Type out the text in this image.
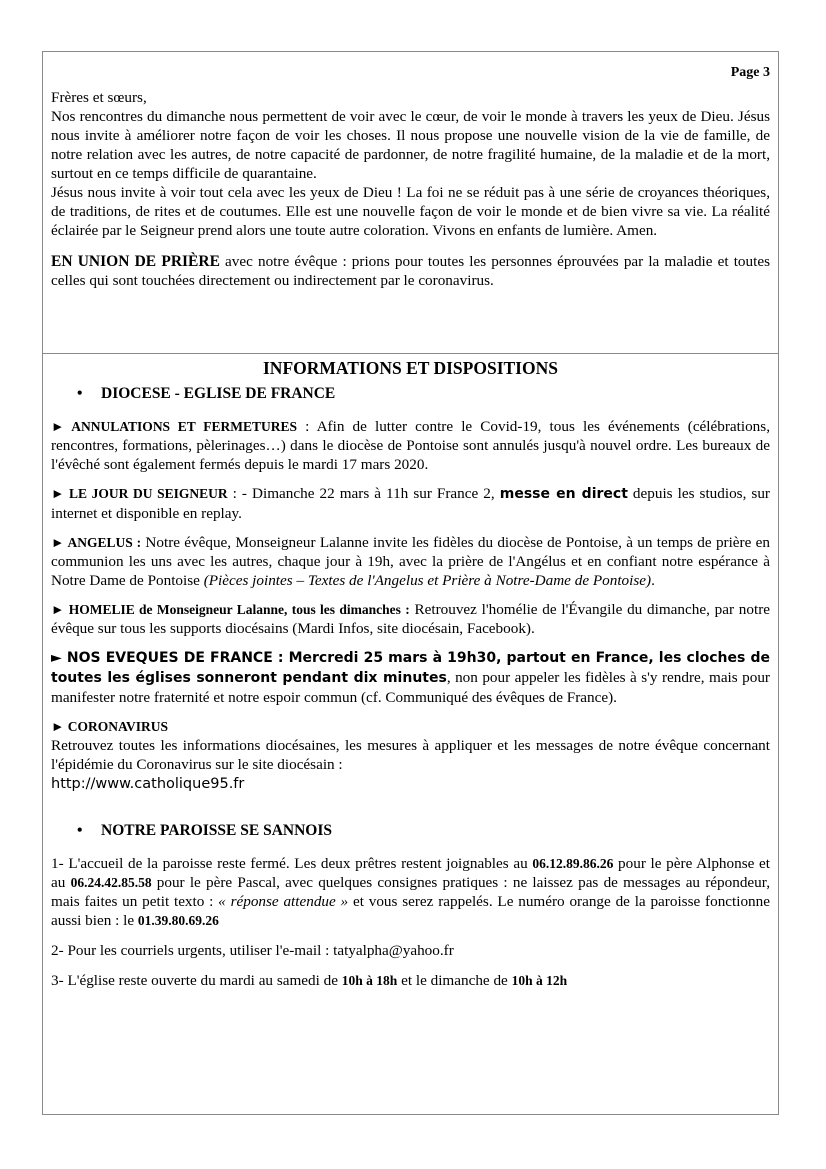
Page 3

Frères et sœurs,

Nos rencontres du dimanche nous permettent de voir avec le cœur, de voir le monde à travers les yeux de Dieu. Jésus nous invite à améliorer notre façon de voir les choses. Il nous propose une nouvelle vision de la vie de famille, de notre relation avec les autres, de notre capacité de pardonner, de notre fragilité humaine, de la maladie et de la mort, surtout en ce temps difficile de quarantaine.

Jésus nous invite à voir tout cela avec les yeux de Dieu ! La foi ne se réduit pas à une série de croyances théoriques, de traditions, de rites et de coutumes. Elle est une nouvelle façon de voir le monde et de bien vivre sa vie. La réalité éclairée par le Seigneur prend alors une toute autre coloration. Vivons en enfants de lumière. Amen.

EN UNION DE PRIÈRE avec notre évêque : prions pour toutes les personnes éprouvées par la maladie et toutes celles qui sont touchées directement ou indirectement par le coronavirus.

INFORMATIONS ET DISPOSITIONS

• DIOCESE - EGLISE DE FRANCE

► ANNULATIONS ET FERMETURES : Afin de lutter contre le Covid-19, tous les événements (célébrations, rencontres, formations, pèlerinages…) dans le diocèse de Pontoise sont annulés jusqu'à nouvel ordre. Les bureaux de l'évêché sont également fermés depuis le mardi 17 mars 2020.

► LE JOUR DU SEIGNEUR : - Dimanche 22 mars à 11h sur France 2, messe en direct depuis les studios, sur internet et disponible en replay.

► ANGELUS : Notre évêque, Monseigneur Lalanne invite les fidèles du diocèse de Pontoise, à un temps de prière en communion les uns avec les autres, chaque jour à 19h, avec la prière de l'Angélus et en confiant notre espérance à Notre Dame de Pontoise (Pièces jointes – Textes de l'Angelus et Prière à Notre-Dame de Pontoise).

► HOMELIE de Monseigneur Lalanne, tous les dimanches : Retrouvez l'homélie de l'Évangile du dimanche, par notre évêque sur tous les supports diocésains (Mardi Infos, site diocésain, Facebook).

► NOS EVEQUES DE FRANCE : Mercredi 25 mars à 19h30, partout en France, les cloches de toutes les églises sonneront pendant dix minutes, non pour appeler les fidèles à s'y rendre, mais pour manifester notre fraternité et notre espoir commun (cf. Communiqué des évêques de France).

► CORONAVIRUS

Retrouvez toutes les informations diocésaines, les mesures à appliquer et les messages de notre évêque concernant l'épidémie du Coronavirus sur le site diocésain :

http://www.catholique95.fr

• NOTRE PAROISSE SE SANNOIS

1- L'accueil de la paroisse reste fermé. Les deux prêtres restent joignables au 06.12.89.86.26 pour le père Alphonse et au 06.24.42.85.58 pour le père Pascal, avec quelques consignes pratiques : ne laissez pas de messages au répondeur, mais faites un petit texto : « réponse attendue » et vous serez rappelés. Le numéro orange de la paroisse fonctionne aussi bien : le 01.39.80.69.26

2- Pour les courriels urgents, utiliser l'e-mail : tatyalpha@yahoo.fr

3- L'église reste ouverte du mardi au samedi de 10h à 18h et le dimanche de 10h à 12h
